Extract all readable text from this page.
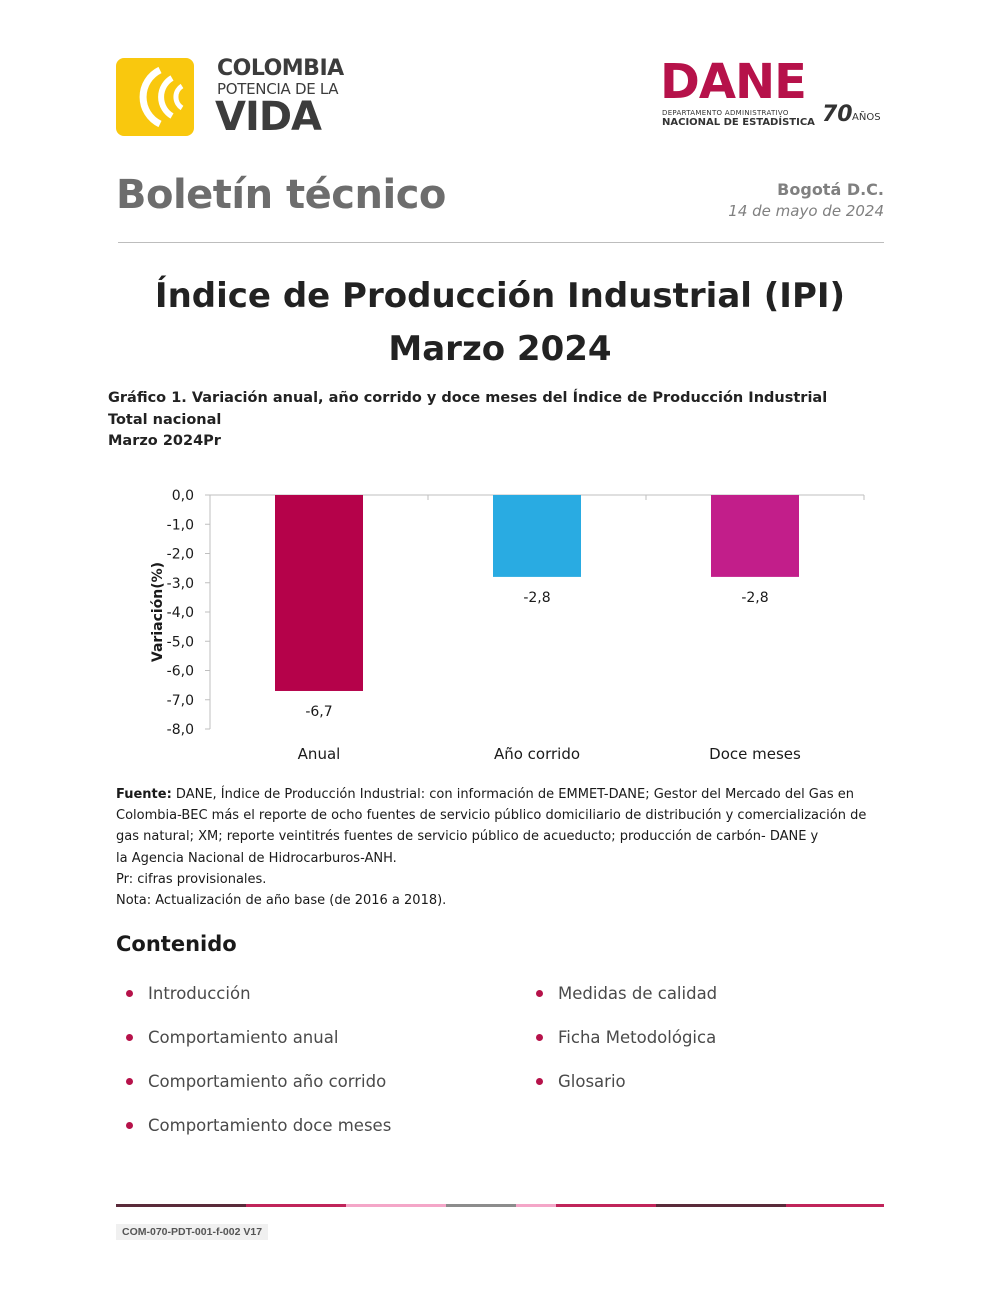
COLOMBIA
POTENCIA DE LA
VIDA
DANE
DEPARTAMENTO ADMINISTRATIVO
NACIONAL DE ESTADÍSTICA 70 AÑOS
Boletín técnico	Bogotá D.C.
14 de mayo de 2024
Índice de Producción Industrial (IPI)
Marzo 2024
Gráfico 1. Variación anual, año corrido y doce meses del Índice de Producción Industrial
Total nacional
Marzo 2024Pr
0,0
-1,0
-2,0
-3,0
-4,0
-5,0
-6,0
-7,0
-8,0
Variación(%)
-6,7
Anual
-2,8
Año corrido
-2,8
Doce meses
Fuente: DANE, Índice de Producción Industrial: con información de EMMET-DANE; Gestor del Mercado del Gas en
Colombia-BEC más el reporte de ocho fuentes de servicio público domiciliario de distribución y comercialización de
gas natural; XM; reporte veintitrés fuentes de servicio público de acueducto; producción de carbón- DANE y
la Agencia Nacional de Hidrocarburos-ANH.
Pr: cifras provisionales.
Nota: Actualización de año base (de 2016 a 2018).
Contenido
Introducción
Comportamiento anual
Comportamiento año corrido
Comportamiento doce meses
Medidas de calidad
Ficha Metodológica
Glosario
COM-070-PDT-001-f-002 V17
